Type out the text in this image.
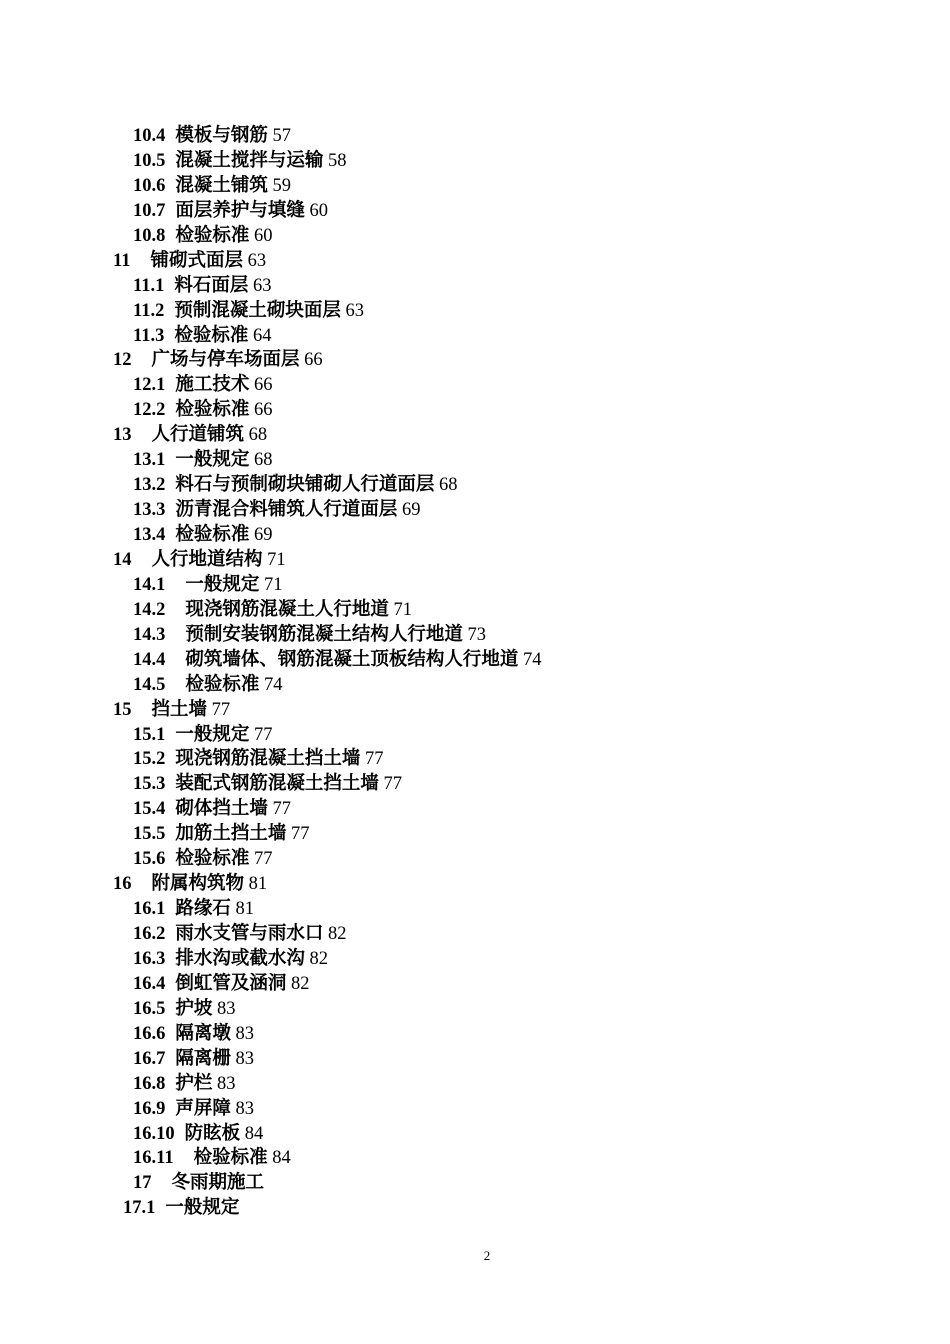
10.4 模板与钢筋 57
10.5 混凝土搅拌与运输 58
10.6 混凝土铺筑 59
10.7 面层养护与填缝 60
10.8 检验标准 60
11 铺砌式面层 63
11.1 料石面层 63
11.2 预制混凝土砌块面层 63
11.3 检验标准 64
12 广场与停车场面层 66
12.1 施工技术 66
12.2 检验标准 66
13 人行道铺筑 68
13.1 一般规定 68
13.2 料石与预制砌块铺砌人行道面层 68
13.3 沥青混合料铺筑人行道面层 69
13.4 检验标准 69
14 人行地道结构 71
14.1 一般规定 71
14.2 现浇钢筋混凝土人行地道 71
14.3 预制安装钢筋混凝土结构人行地道 73
14.4 砌筑墙体、钢筋混凝土顶板结构人行地道 74
14.5 检验标准 74
15 挡土墙 77
15.1 一般规定 77
15.2 现浇钢筋混凝土挡土墙 77
15.3 装配式钢筋混凝土挡土墙 77
15.4 砌体挡土墙 77
15.5 加筋土挡土墙 77
15.6 检验标准 77
16 附属构筑物 81
16.1 路缘石 81
16.2 雨水支管与雨水口 82
16.3 排水沟或截水沟 82
16.4 倒虹管及涵洞 82
16.5 护坡 83
16.6 隔离墩 83
16.7 隔离栅 83
16.8 护栏 83
16.9 声屏障 83
16.10 防眩板 84
16.11 检验标准 84
17 冬雨期施工
17.1 一般规定
2
